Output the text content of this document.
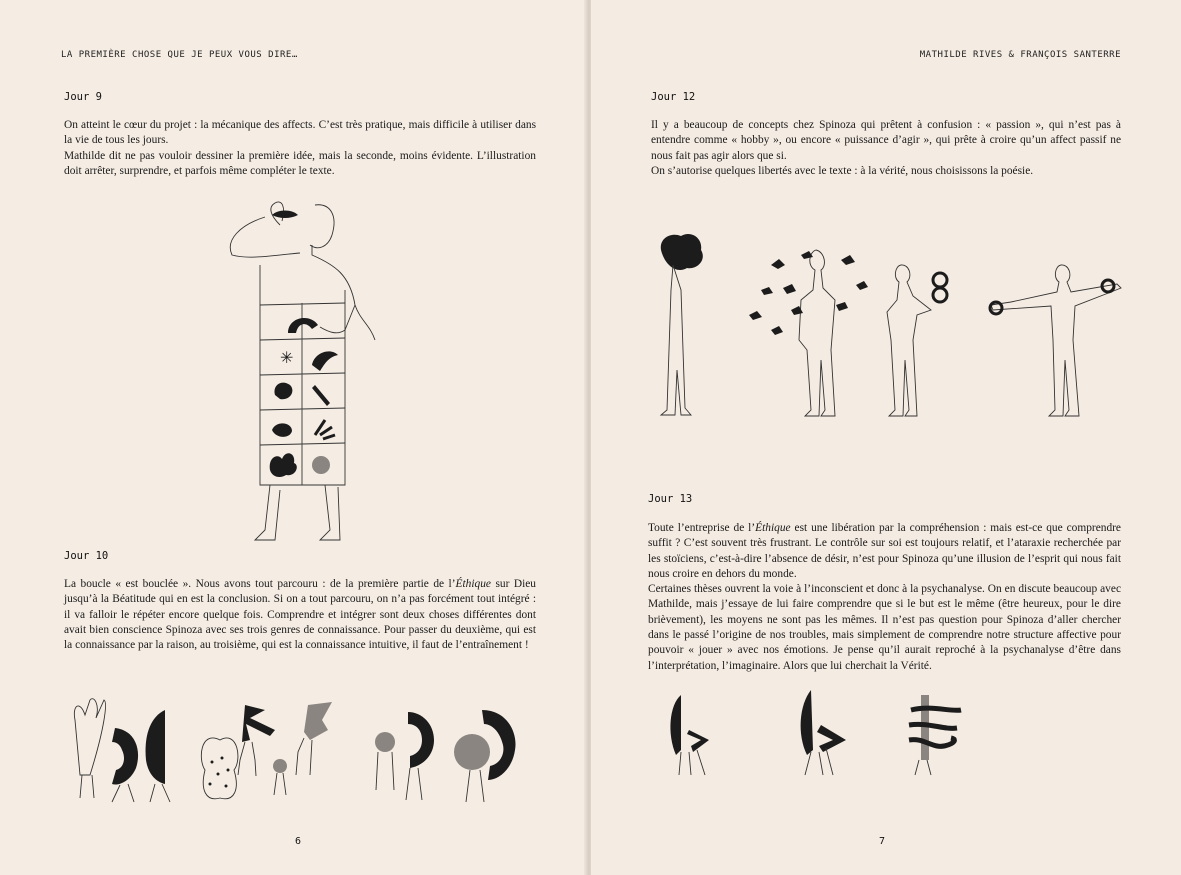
LA PREMIÈRE CHOSE QUE JE PEUX VOUS DIRE…
Jour 9

On atteint le cœur du projet : la mécanique des affects. C’est très pratique, mais difficile à utiliser dans la vie de tous les jours.

Mathilde dit ne pas vouloir dessiner la première idée, mais la seconde, moins évidente. L’illustration doit arrêter, surprendre, et parfois même compléter le texte.

✳
Jour 10

La boucle « est bouclée ». Nous avons tout parcouru : de la première partie de l’Éthique sur Dieu jusqu’à la Béatitude qui en est la conclusion. Si on a tout parcouru, on n’a pas forcément tout intégré : il va falloir le répéter encore quelque fois. Comprendre et intégrer sont deux choses différentes dont avait bien conscience Spinoza avec ses trois genres de connaissance. Pour passer du deuxième, qui est la connaissance par la raison, au troisième, qui est la connaissance intuitive, il faut de l’entraînement !

6
MATHILDE RIVES & FRANÇOIS SANTERRE
Jour 12

Il y a beaucoup de concepts chez Spinoza qui prêtent à confusion : « passion », qui n’est pas à entendre comme « hobby », ou encore « puissance d’agir », qui prête à croire qu’un affect passif ne nous fait pas agir alors que si.

On s’autorise quelques libertés avec le texte : à la vérité, nous choisissons la poésie.

Jour 13

Toute l’entreprise de l’Éthique est une libération par la compréhension : mais est-ce que comprendre suffit ? C’est souvent très frustrant. Le contrôle sur soi est toujours relatif, et l’ataraxie recherchée par les stoïciens, c’est-à-dire l’absence de désir, n’est pour Spinoza qu’une illusion de l’esprit qui nous fait nous croire en dehors du monde.

Certaines thèses ouvrent la voie à l’inconscient et donc à la psychanalyse. On en discute beaucoup avec Mathilde, mais j’essaye de lui faire comprendre que si le but est le même (être heureux, pour le dire brièvement), les moyens ne sont pas les mêmes. Il n’est pas question pour Spinoza d’aller chercher dans le passé l’origine de nos troubles, mais simplement de comprendre notre structure affective pour pouvoir « jouer » avec nos émotions. Je pense qu’il aurait reproché à la psychanalyse d’être dans l’interprétation, l’imaginaire. Alors que lui cherchait la Vérité.

7
